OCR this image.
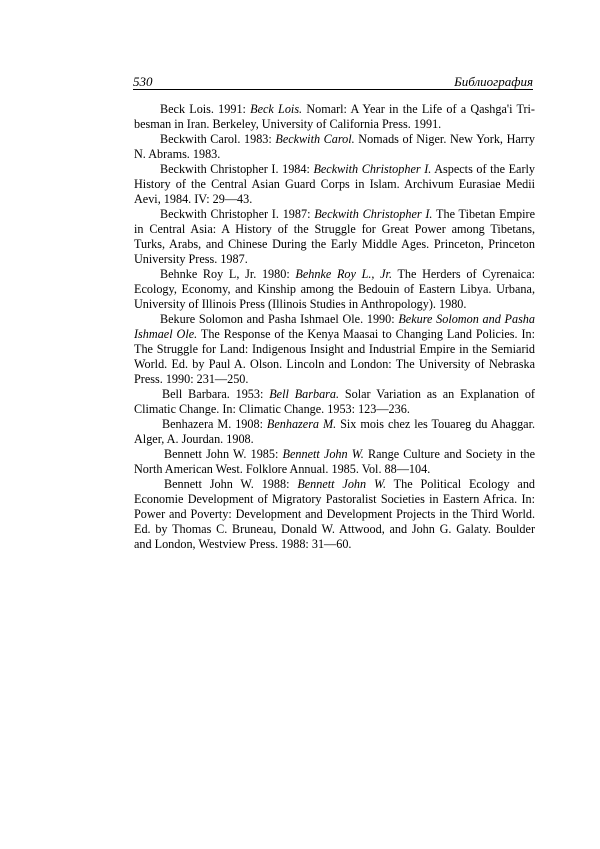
530	Библиография

Beck Lois. 1991: Beck Lois. Nomarl: A Year in the Life of a Qashga'i Tribesman in Iran. Berkeley, University of California Press. 1991.

Beckwith Carol. 1983: Beckwith Carol. Nomads of Niger. New York, Harry N. Abrams. 1983.

Beckwith Christopher I. 1984: Beckwith Christopher I. Aspects of the Early History of the Central Asian Guard Corps in Islam. Archivum Eurasiae Medii Aevi, 1984. IV: 29—43.

Beckwith Christopher I. 1987: Beckwith Christopher I. The Tibetan Empire in Central Asia: A History of the Struggle for Great Power among Tibetans, Turks, Arabs, and Chinese During the Early Middle Ages. Princeton, Princeton University Press. 1987.

Behnke Roy L, Jr. 1980: Behnke Roy L., Jr. The Herders of Cyrenaica: Ecology, Economy, and Kinship among the Bedouin of Eastern Libya. Urbana, University of Illinois Press (Illinois Studies in Anthropology). 1980.

Bekure Solomon and Pasha Ishmael Ole. 1990: Bekure Solomon and Pasha Ishmael Ole. The Response of the Kenya Maasai to Changing Land Policies. In: The Struggle for Land: Indigenous Insight and Industrial Empire in the Semiarid World. Ed. by Paul A. Olson. Lincoln and London: The University of Nebraska Press. 1990: 231—250.

Bell Barbara. 1953: Bell Barbara. Solar Variation as an Explanation of Climatic Change. In: Climatic Change. 1953: 123—236.

Benhazera M. 1908: Benhazera M. Six mois chez les Touareg du Ahaggar. Alger, A. Jourdan. 1908.

Bennett John W. 1985: Bennett John W. Range Culture and Society in the North American West. Folklore Annual. 1985. Vol. 88—104.

Bennett John W. 1988: Bennett John W. The Political Ecology and Economie Development of Migratory Pastoralist Societies in Eastern Africa. In: Power and Poverty: Development and Development Projects in the Third World. Ed. by Thomas C. Bruneau, Donald W. Attwood, and John G. Galaty. Boulder and London, Westview Press. 1988: 31—60.
